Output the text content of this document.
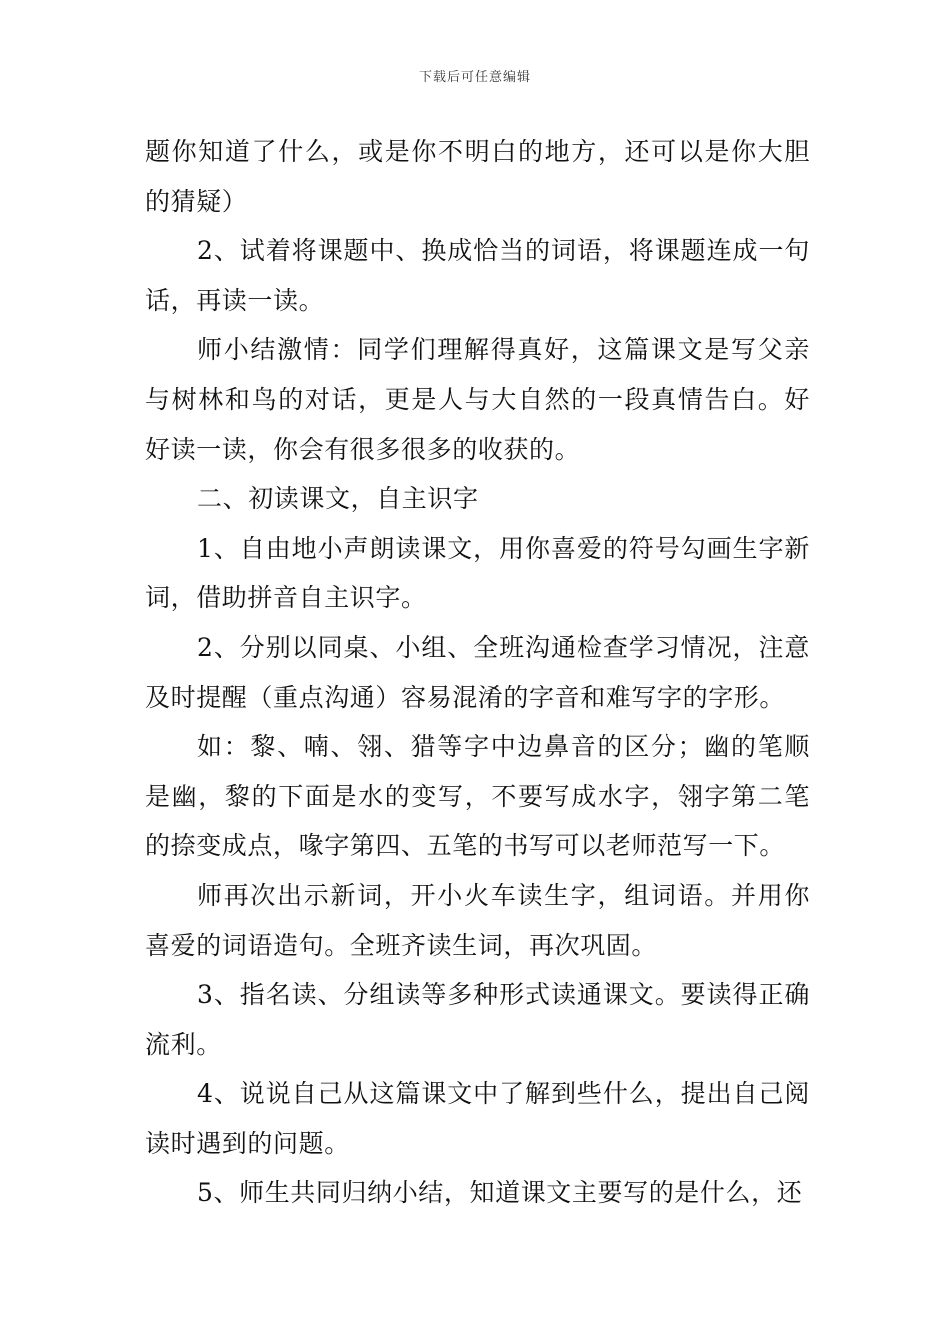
下载后可任意编辑

题你知道了什么，或是你不明白的地方，还可以是你大胆的猜疑）

2、试着将课题中、换成恰当的词语，将课题连成一句话，再读一读。

师小结激情：同学们理解得真好，这篇课文是写父亲与树林和鸟的对话，更是人与大自然的一段真情告白。好好读一读，你会有很多很多的收获的。

二、初读课文，自主识字

1、自由地小声朗读课文，用你喜爱的符号勾画生字新词，借助拼音自主识字。

2、分别以同桌、小组、全班沟通检查学习情况，注意及时提醒（重点沟通）容易混淆的字音和难写字的字形。

如：黎、喃、翎、猎等字中边鼻音的区分；幽的笔顺是幽，黎的下面是水的变写，不要写成水字，翎字第二笔的捺变成点，喙字第四、五笔的书写可以老师范写一下。

师再次出示新词，开小火车读生字，组词语。并用你喜爱的词语造句。全班齐读生词，再次巩固。

3、指名读、分组读等多种形式读通课文。要读得正确流利。

4、说说自己从这篇课文中了解到些什么，提出自己阅读时遇到的问题。

5、师生共同归纳小结，知道课文主要写的是什么，还
